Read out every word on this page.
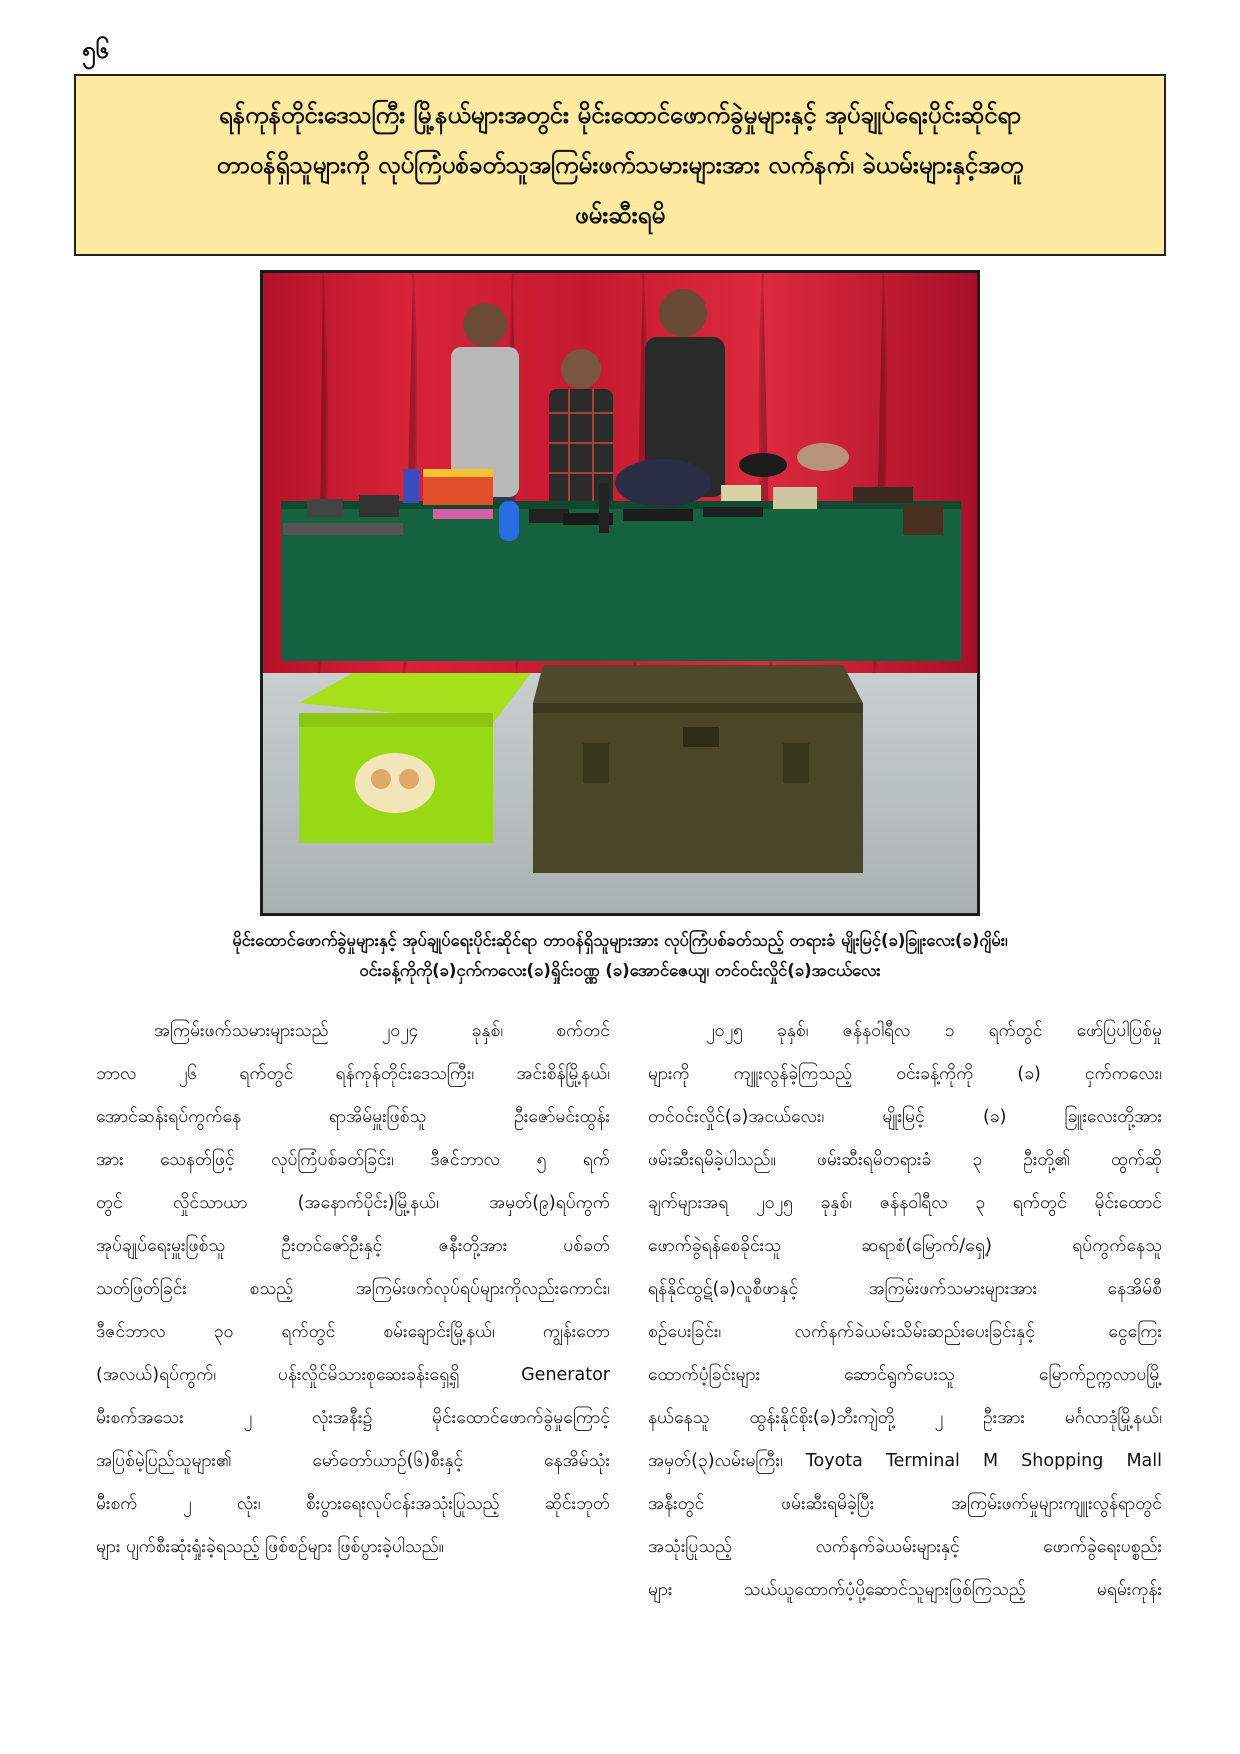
၅၆
ရန်ကုန်တိုင်းဒေသကြီး မြို့နယ်များအတွင်း မိုင်းထောင်ဖောက်ခွဲမှုများနှင့် အုပ်ချုပ်ရေးပိုင်းဆိုင်ရာ
တာဝန်ရှိသူများကို လုပ်ကြံပစ်ခတ်သူအကြမ်းဖက်သမားများအား လက်နက်၊ ခဲယမ်းများနှင့်အတူ
ဖမ်းဆီးရမိ
မိုင်းထောင်ဖောက်ခွဲမှုများနှင့် အုပ်ချုပ်ရေးပိုင်းဆိုင်ရာ တာဝန်ရှိသူများအား လုပ်ကြံပစ်ခတ်သည့် တရားခံ မျိုးမြင့်(ခ)ခြူးလေး(ခ)ဂျိမ်း၊
ဝင်းခန့်ကိုကို(ခ)ငှက်ကလေး(ခ)ရှိုင်းဝဏ္ဏ (ခ)အောင်ဇေယျ၊ တင်ဝင်းလှိုင်(ခ)အငယ်လေး
အကြမ်းဖက်သမားများသည် ၂၀၂၄ ခုနှစ်၊ စက်တင်
ဘာလ ၂၆ ရက်တွင် ရန်ကုန်တိုင်းဒေသကြီး၊ အင်းစိန်မြို့နယ်၊
အောင်ဆန်းရပ်ကွက်နေ ရာအိမ်မှူးဖြစ်သူ ဦးဇော်မင်းထွန်း
အား သေနတ်ဖြင့် လုပ်ကြံပစ်ခတ်ခြင်း၊ ဒီဇင်ဘာလ ၅ ရက်
တွင် လှိုင်သာယာ (အနောက်ပိုင်း)မြို့နယ်၊ အမှတ်(၉)ရပ်ကွက်
အုပ်ချုပ်ရေးမှူးဖြစ်သူ ဦးတင်ဇော်ဦးနှင့် ဇနီးတို့အား ပစ်ခတ်
သတ်ဖြတ်ခြင်း စသည့် အကြမ်းဖက်လုပ်ရပ်များကိုလည်းကောင်း၊
ဒီဇင်ဘာလ ၃၀ ရက်တွင် စမ်းချောင်းမြို့နယ်၊ ကျွန်းတော
(အလယ်)ရပ်ကွက်၊ ပန်းလှိုင်မိသားစုဆေးခန်းရှေ့ရှိ Generator
မီးစက်အသေး ၂ လုံးအနီး၌ မိုင်းထောင်ဖောက်ခွဲမှုကြောင့်
အပြစ်မဲ့ပြည်သူများ၏ မော်တော်ယာဉ်(၆)စီးနှင့် နေအိမ်သုံး
မီးစက် ၂ လုံး၊ စီးပွားရေးလုပ်ငန်းအသုံးပြုသည့် ဆိုင်းဘုတ်
များ ပျက်စီးဆုံးရှုံးခဲ့ရသည့် ဖြစ်စဉ်များ ဖြစ်ပွားခဲ့ပါသည်။
၂၀၂၅ ခုနှစ်၊ ဇန်နဝါရီလ ၁ ရက်တွင် ဖော်ပြပါပြစ်မှု
များကို ကျူးလွန်ခဲ့ကြသည့် ဝင်းခန့်ကိုကို (ခ) ငှက်ကလေး၊
တင်ဝင်းလှိုင်(ခ)အငယ်လေး၊ မျိုးမြင့် (ခ) ခြူးလေးတို့အား
ဖမ်းဆီးရမိခဲ့ပါသည်။ ဖမ်းဆီးရမိတရားခံ ၃ ဦးတို့၏ ထွက်ဆို
ချက်များအရ ၂၀၂၅ ခုနှစ်၊ ဇန်နဝါရီလ ၃ ရက်တွင် မိုင်းထောင်
ဖောက်ခွဲရန်စေခိုင်းသူ ဆရာစံ(မြောက်/ရှေ့) ရပ်ကွက်နေသူ
ရန်နိုင်ထွဋ်(ခ)လူစီဖာနှင့် အကြမ်းဖက်သမားများအား နေအိမ်စီ
စဉ်ပေးခြင်း၊ လက်နက်ခဲယမ်းသိမ်းဆည်းပေးခြင်းနှင့် ငွေကြေး
ထောက်ပံ့ခြင်းများ ဆောင်ရွက်ပေးသူ မြောက်ဥက္ကလာပမြို့
နယ်နေသူ ထွန်းနိုင်စိုး(ခ)ဘီးကျဲတို့ ၂ ဦးအား မင်္ဂလာဒုံမြို့နယ်၊
အမှတ်(၃)လမ်းမကြီး၊ Toyota Terminal M Shopping Mall
အနီးတွင် ဖမ်းဆီးရမိခဲ့ပြီး အကြမ်းဖက်မှုများကျူးလွန်ရာတွင်
အသုံးပြုသည့် လက်နက်ခဲယမ်းများနှင့် ဖောက်ခွဲရေးပစ္စည်း
များ သယ်ယူထောက်ပံ့ပို့ဆောင်သူများဖြစ်ကြသည့် မရမ်းကုန်း
